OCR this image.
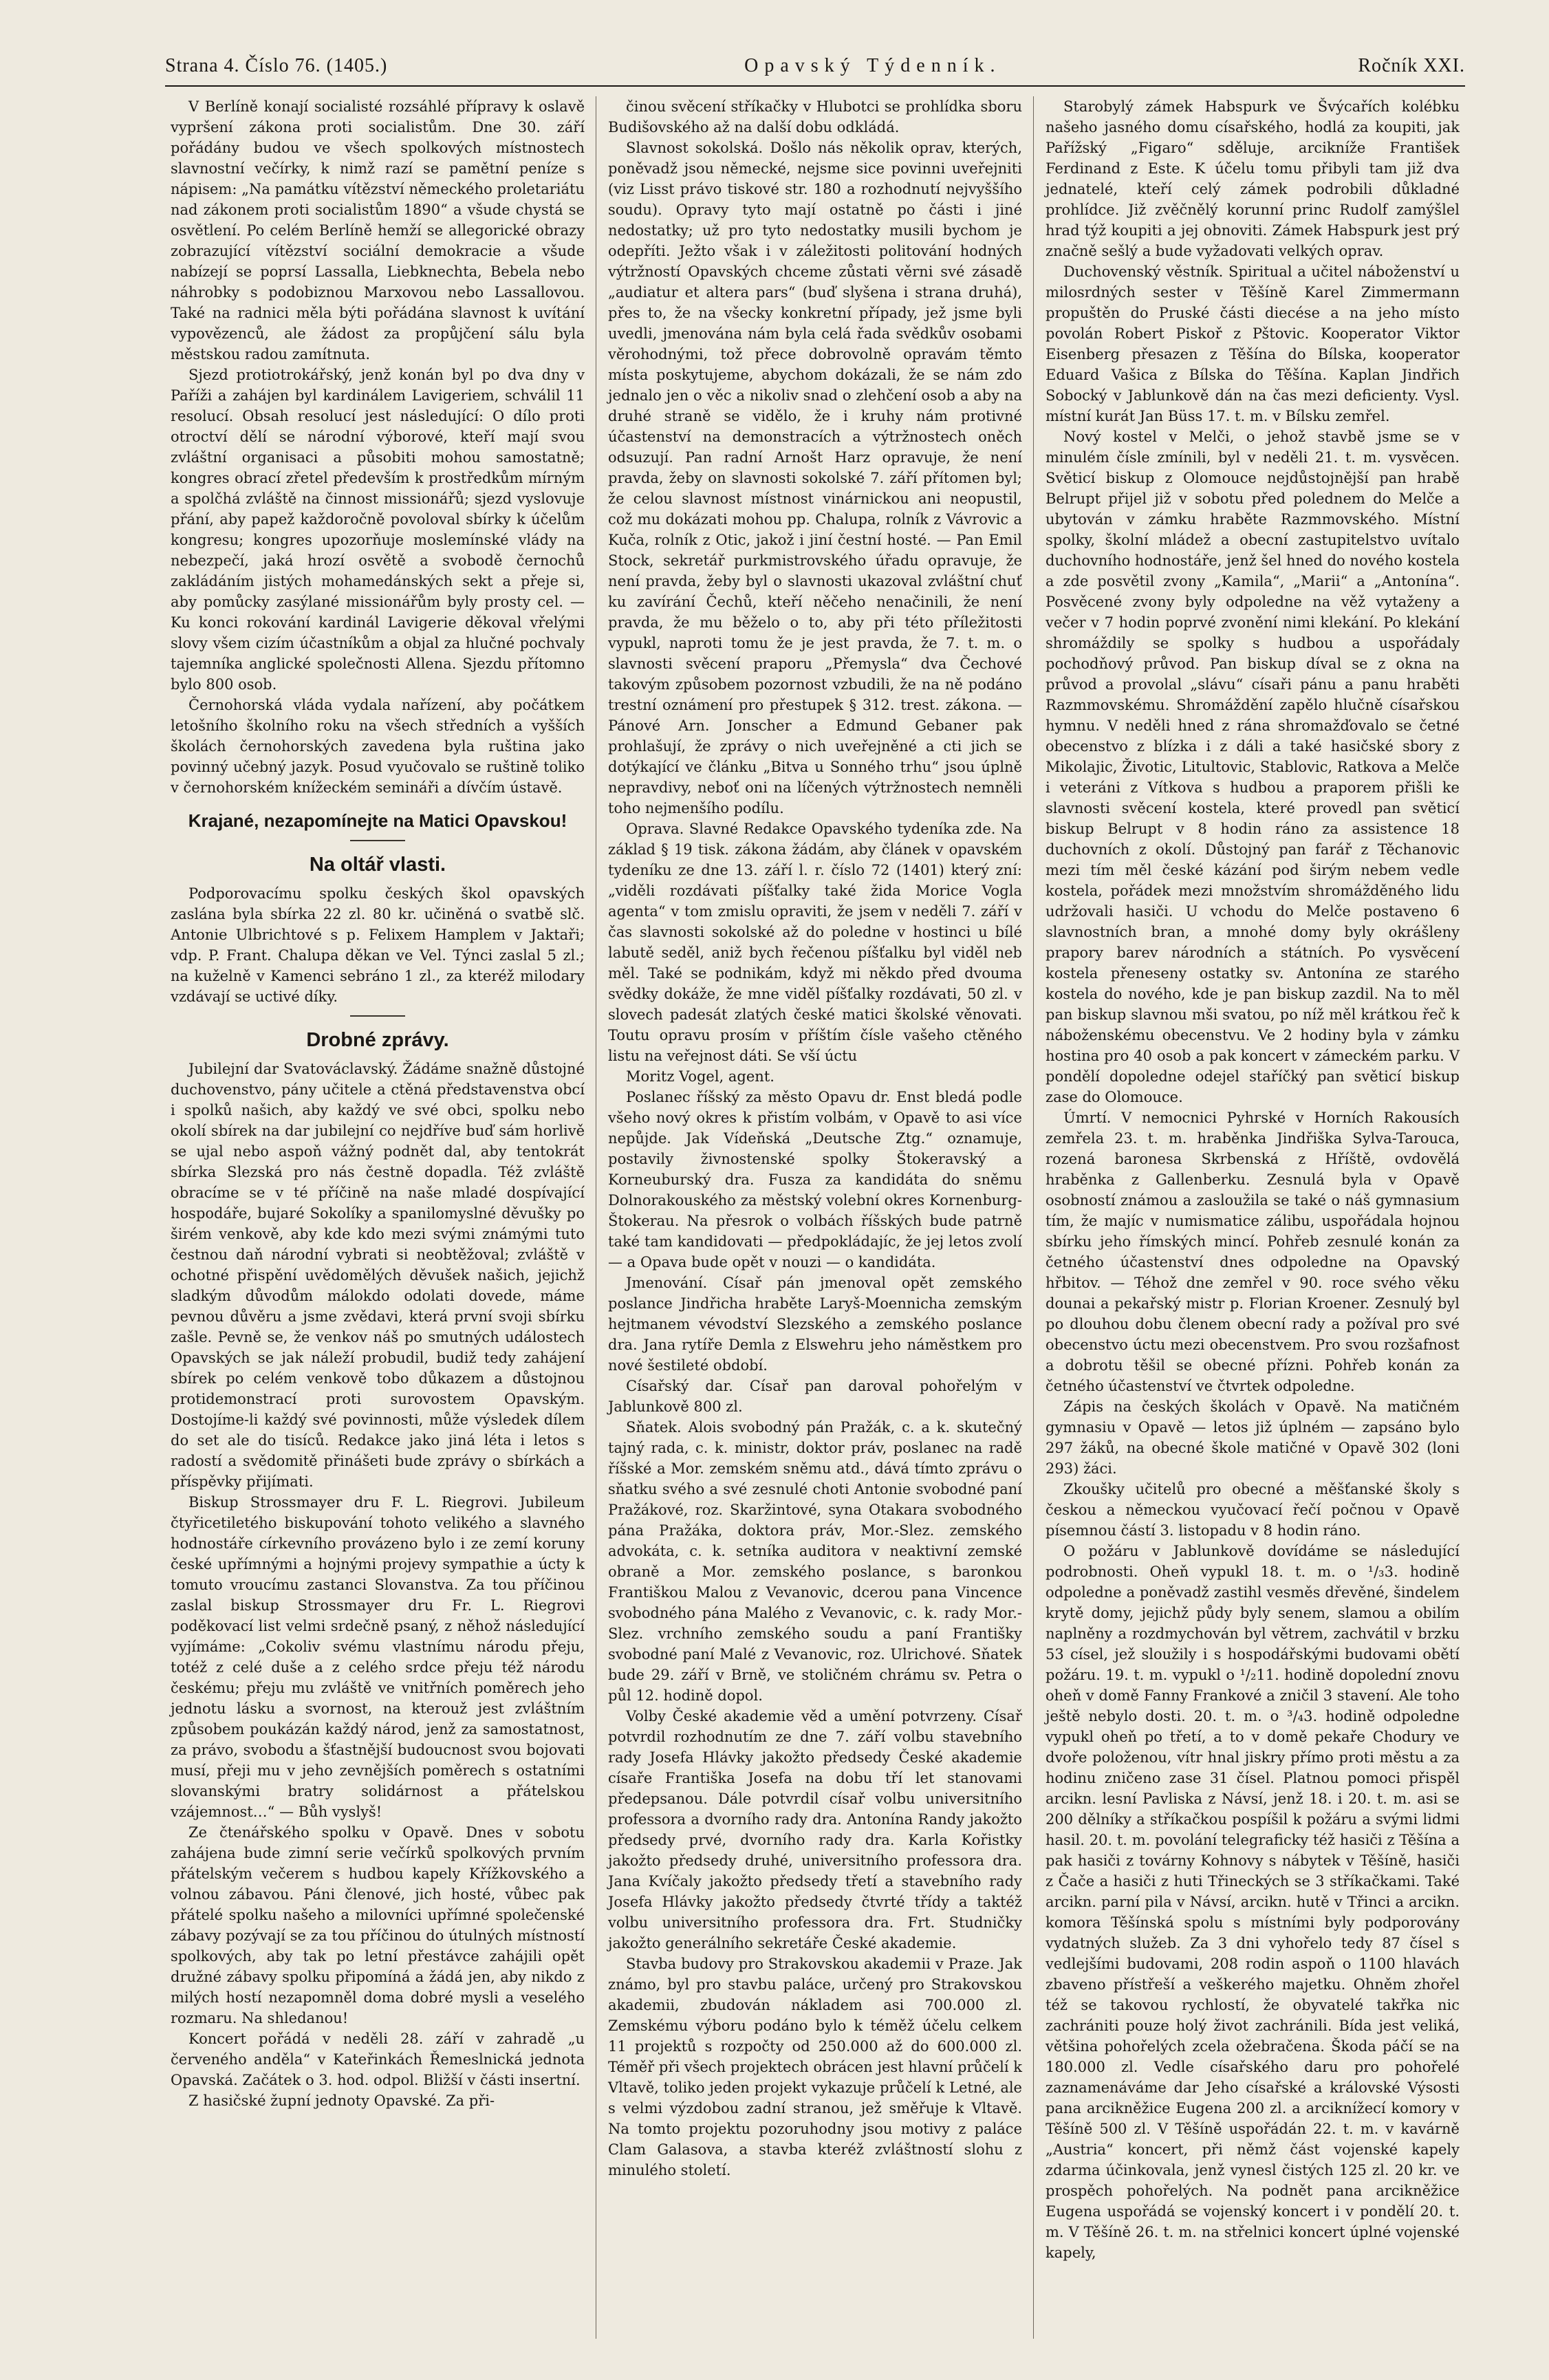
Strana 4. Číslo 76. (1405.)	Opavský Týdenník.	Ročník XXI.

V Berlíně konají socialisté rozsáhlé přípravy k oslavě vypršení zákona proti socialistům. Dne 30. září pořádány budou ve všech spolkových místnostech slavnostní večírky, k nimž razí se pamětní peníze s nápisem: „Na památku vítězství německého proletariátu nad zákonem proti socialistům 1890“ a všude chystá se osvětlení. Po celém Berlíně hemží se allegorické obrazy zobrazující vítězství sociální demokracie a všude nabízejí se poprsí Lassalla, Liebknechta, Bebela nebo náhrobky s podobiznou Marxovou nebo Lassallovou. Také na radnici měla býti pořádána slavnost k uvítání vypovězenců, ale žádost za propůjčení sálu byla městskou radou zamítnuta.

Sjezd protiotrokářský, jenž konán byl po dva dny v Paříži a zahájen byl kardinálem Lavigeriem, schválil 11 resolucí. Obsah resolucí jest následující: O dílo proti otroctví dělí se národní výborové, kteří mají svou zvláštní organisaci a působiti mohou samostatně; kongres obrací zřetel především k prostředkům mírným a spolčhá zvláště na činnost missionářů; sjezd vyslovuje přání, aby papež každoročně povoloval sbírky k účelům kongresu; kongres upozorňuje moslemínské vlády na nebezpečí, jaká hrozí osvětě a svobodě černochů zakládáním jistých mohamedánských sekt a přeje si, aby pomůcky zasýlané missionářům byly prosty cel. — Ku konci rokování kardinál Lavigerie děkoval vřelými slovy všem cizím účastníkům a objal za hlučné pochvaly tajemníka anglické společnosti Allena. Sjezdu přítomno bylo 800 osob.

Černohorská vláda vydala nařízení, aby počátkem letošního školního roku na všech středních a vyšších školách černohorských zavedena byla ruština jako povinný učebný jazyk. Posud vyučovalo se ruštině toliko v černohorském knížeckém semináři a dívčím ústavě.

Krajané, nezapomínejte na Matici Opavskou!
Na oltář vlasti.

Podporovacímu spolku českých škol opavských zaslána byla sbírka 22 zl. 80 kr. učiněná o svatbě slč. Antonie Ulbrichtové s p. Felixem Hamplem v Jaktaři; vdp. P. Frant. Chalupa děkan ve Vel. Týnci zaslal 5 zl.; na kuželně v Kamenci sebráno 1 zl., za kteréž milodary vzdávají se uctivé díky.

Drobné zprávy.

Jubilejní dar Svatováclavský. Žádáme snažně důstojné duchovenstvo, pány učitele a ctěná představenstva obcí i spolků našich, aby každý ve své obci, spolku nebo okolí sbírek na dar jubilejní co nejdříve buď sám horlivě se ujal nebo aspoň vážný podnět dal, aby tentokrát sbírka Slezská pro nás čestně dopadla. Též zvláště obracíme se v té příčině na naše mladé dospívající hospodáře, bujaré Sokolíky a spanilomyslné děvušky po širém venkově, aby kde kdo mezi svými známými tuto čestnou daň národní vybrati si neobtěžoval; zvláště v ochotné přispění uvědomělých děvušek našich, jejichž sladkým důvodům málokdo odolati dovede, máme pevnou důvěru a jsme zvědavi, která první svoji sbírku zašle. Pevně se, že venkov náš po smutných událostech Opavských se jak náleží probudil, budiž tedy zahájení sbírek po celém venkově tobo důkazem a důstojnou protidemonstrací proti surovostem Opavským. Dostojíme-li každý své povinnosti, může výsledek dílem do set ale do tisíců. Redakce jako jiná léta i letos s radostí a svědomitě přinášeti bude zprávy o sbírkách a příspěvky přijímati.

Biskup Strossmayer dru F. L. Riegrovi. Jubileum čtyřicetiletého biskupování tohoto velikého a slavného hodnostáře církevního provázeno bylo i ze zemí koruny české upřímnými a hojnými projevy sympathie a úcty k tomuto vroucímu zastanci Slovanstva. Za tou příčinou zaslal biskup Strossmayer dru Fr. L. Riegrovi poděkovací list velmi srdečně psaný, z něhož následující vyjímáme: „Cokoliv svému vlastnímu národu přeju, totéž z celé duše a z celého srdce přeju též národu českému; přeju mu zvláště ve vnitřních poměrech jeho jednotu lásku a svornost, na kterouž jest zvláštním způsobem poukázán každý národ, jenž za samostatnost, za právo, svobodu a šťastnější budoucnost svou bojovati musí, přeji mu v jeho zevnějších poměrech s ostatními slovanskými bratry solidárnost a přátelskou vzájemnost…“ — Bůh vyslyš!

Ze čtenářského spolku v Opavě. Dnes v sobotu zahájena bude zimní serie večírků spolkových prvním přátelským večerem s hudbou kapely Křížkovského a volnou zábavou. Páni členové, jich hosté, vůbec pak přátelé spolku našeho a milovníci upřímné společenské zábavy pozývají se za tou příčinou do útulných místností spolkových, aby tak po letní přestávce zahájili opět družné zábavy spolku připomíná a žádá jen, aby nikdo z milých hostí nezapomněl doma dobré mysli a veselého rozmaru. Na shledanou!

Koncert pořádá v neděli 28. září v zahradě „u červeného anděla“ v Kateřinkách Řemeslnická jednota Opavská. Začátek o 3. hod. odpol. Bližší v části insertní.

Z hasičské župní jednoty Opavské. Za při-

činou svěcení stříkačky v Hlubotci se prohlídka sboru Budišovského až na další dobu odkládá.

Slavnost sokolská. Došlo nás několik oprav, kterých, poněvadž jsou německé, nejsme sice povinni uveřejniti (viz Lisst právo tiskové str. 180 a rozhodnutí nejvyššího soudu). Opravy tyto mají ostatně po části i jiné nedostatky; už pro tyto nedostatky musili bychom je odepříti. Ježto však i v záležitosti politování hodných výtržností Opavských chceme zůstati věrni své zásadě „audiatur et altera pars“ (buď slyšena i strana druhá), přes to, že na všecky konkretní případy, jež jsme byli uvedli, jmenována nám byla celá řada svědkův osobami věrohodnými, tož přece dobrovolně opravám těmto místa poskytujeme, abychom dokázali, že se nám zdo jednalo jen o věc a nikoliv snad o zlehčení osob a aby na druhé straně se vidělo, že i kruhy nám protivné účastenství na demonstracích a výtržnostech oněch odsuzují. Pan radní Arnošt Harz opravuje, že není pravda, žeby on slavnosti sokolské 7. září přítomen byl; že celou slavnost místnost vinárnickou ani neopustil, což mu dokázati mohou pp. Chalupa, rolník z Vávrovic a Kuča, rolník z Otic, jakož i jiní čestní hosté. — Pan Emil Stock, sekretář purkmistrovského úřadu opravuje, že není pravda, žeby byl o slavnosti ukazoval zvláštní chuť ku zavírání Čechů, kteří něčeho nenačinili, že není pravda, že mu běželo o to, aby při této příležitosti vypukl, naproti tomu že je jest pravda, že 7. t. m. o slavnosti svěcení praporu „Přemysla“ dva Čechové takovým způsobem pozornost vzbudili, že na ně podáno trestní oznámení pro přestupek § 312. trest. zákona. — Pánové Arn. Jonscher a Edmund Gebaner pak prohlašují, že zprávy o nich uveřejněné a cti jich se dotýkající ve článku „Bitva u Sonného trhu“ jsou úplně nepravdivy, neboť oni na líčených výtržnostech nemněli toho nejmenšího podílu.

Oprava. Slavné Redakce Opavského tydeníka zde. Na základ § 19 tisk. zákona žádám, aby článek v opavském tydeníku ze dne 13. září l. r. číslo 72 (1401) který zní: „viděli rozdávati píšťalky také žida Morice Vogla agenta“ v tom zmislu opraviti, že jsem v neděli 7. září v čas slavnosti sokolské až do poledne v hostinci u bílé labutě seděl, aniž bych řečenou píšťalku byl viděl neb měl. Také se podnikám, když mi někdo před dvouma svědky dokáže, že mne viděl píšťalky rozdávati, 50 zl. v slovech padesát zlatých české matici školské věnovati. Toutu opravu prosím v příštím čísle vašeho ctěného listu na veřejnost dáti. Se vší úctu

Moritz Vogel, agent.

Poslanec říšský za město Opavu dr. Enst bledá podle všeho nový okres k přistím volbám, v Opavě to asi více nepůjde. Jak Vídeňská „Deutsche Ztg.“ oznamuje, postavily živnostenské spolky Štokeravský a Korneuburský dra. Fusza za kandidáta do sněmu Dolnorakouského za městský volební okres Kornenburg-Štokerau. Na přesrok o volbách říšských bude patrně také tam kandidovati — předpokládajíc, že jej letos zvolí — a Opava bude opět v nouzi — o kandidáta.

Jmenování. Císař pán jmenoval opět zemského poslance Jindřicha hraběte Laryš-Moennicha zemským hejtmanem vévodství Slezského a zemského poslance dra. Jana rytíře Demla z Elswehru jeho náměstkem pro nové šestileté období.

Císařský dar. Císař pan daroval pohořelým v Jablunkově 800 zl.

Sňatek. Alois svobodný pán Pražák, c. a k. skutečný tajný rada, c. k. ministr, doktor práv, poslanec na radě říšské a Mor. zemském sněmu atd., dává tímto zprávu o sňatku svého a své zesnulé choti Antonie svobodné paní Pražákové, roz. Skaržintové, syna Otakara svobodného pána Pražáka, doktora práv, Mor.-Slez. zemského advokáta, c. k. setníka auditora v neaktivní zemské obraně a Mor. zemského poslance, s baronkou Františkou Malou z Vevanovic, dcerou pana Vincence svobodného pána Malého z Vevanovic, c. k. rady Mor.-Slez. vrchního zemského soudu a paní Františky svobodné paní Malé z Vevanovic, roz. Ulrichové. Sňatek bude 29. září v Brně, ve stoličném chrámu sv. Petra o půl 12. hodině dopol.

Volby České akademie věd a umění potvrzeny. Císař potvrdil rozhodnutím ze dne 7. září volbu stavebního rady Josefa Hlávky jakožto předsedy České akademie císaře Františka Josefa na dobu tří let stanovami předepsanou. Dále potvrdil císař volbu universitního professora a dvorního rady dra. Antonína Randy jakožto předsedy prvé, dvorního rady dra. Karla Kořistky jakožto předsedy druhé, universitního professora dra. Jana Kvíčaly jakožto předsedy třetí a stavebního rady Josefa Hlávky jakožto předsedy čtvrté třídy a taktéž volbu universitního professora dra. Frt. Studničky jakožto generálního sekretáře České akademie.

Stavba budovy pro Strakovskou akademii v Praze. Jak známo, byl pro stavbu paláce, určený pro Strakovskou akademii, zbudován nákladem asi 700.000 zl. Zemskému výboru podáno bylo k téměž účelu celkem 11 projektů s rozpočty od 250.000 až do 600.000 zl. Téměř při všech projektech obrácen jest hlavní průčelí k Vltavě, toliko jeden projekt vykazuje průčelí k Letné, ale s velmi výzdobou zadní stranou, jež směřuje k Vltavě. Na tomto projektu pozoruhodny jsou motivy z paláce Clam Galasova, a stavba kteréž zvláštností slohu z minulého století.

Starobylý zámek Habspurk ve Švýcařích kolébku našeho jasného domu císařského, hodlá za koupiti, jak Pařížský „Figaro“ sděluje, arcikníže František Ferdinand z Este. K účelu tomu přibyli tam již dva jednatelé, kteří celý zámek podrobili důkladné prohlídce. Již zvěčnělý korunní princ Rudolf zamýšlel hrad týž koupiti a jej obnoviti. Zámek Habspurk jest prý značně sešlý a bude vyžadovati velkých oprav.

Duchovenský věstník. Spiritual a učitel náboženství u milosrdných sester v Těšíně Karel Zimmermann propuštěn do Pruské části diecése a na jeho místo povolán Robert Piskoř z Pštovic. Kooperator Viktor Eisenberg přesazen z Těšína do Bílska, kooperator Eduard Vašica z Bílska do Těšína. Kaplan Jindřich Sobocký v Jablunkově dán na čas mezi deficienty. Vysl. místní kurát Jan Büss 17. t. m. v Bílsku zemřel.

Nový kostel v Melči, o jehož stavbě jsme se v minulém čísle zmínili, byl v neděli 21. t. m. vysvěcen. Světicí biskup z Olomouce nejdůstojnější pan hrabě Belrupt přijel již v sobotu před polednem do Melče a ubytován v zámku hraběte Razmmovského. Místní spolky, školní mládež a obecní zastupitelstvo uvítalo duchovního hodnostáře, jenž šel hned do nového kostela a zde posvětil zvony „Kamila“, „Marii“ a „Antonína“. Posvěcené zvony byly odpoledne na věž vytaženy a večer v 7 hodin poprvé zvonění nimi klekání. Po klekání shromáždily se spolky s hudbou a uspořádaly pochodňový průvod. Pan biskup díval se z okna na průvod a provolal „slávu“ císaři pánu a panu hraběti Razmmovskému. Shromáždění zapělo hlučně císařskou hymnu. V neděli hned z rána shromažďovalo se četné obecenstvo z blízka i z dáli a také hasičské sbory z Mikolajic, Životic, Litultovic, Stablovic, Ratkova a Melče i veteráni z Vítkova s hudbou a praporem přišli ke slavnosti svěcení kostela, které provedl pan světicí biskup Belrupt v 8 hodin ráno za assistence 18 duchovních z okolí. Důstojný pan farář z Těchanovic mezi tím měl české kázání pod širým nebem vedle kostela, pořádek mezi množstvím shromážděného lidu udržovali hasiči. U vchodu do Melče postaveno 6 slavnostních bran, a mnohé domy byly okrášleny prapory barev národních a státních. Po vysvěcení kostela přeneseny ostatky sv. Antonína ze starého kostela do nového, kde je pan biskup zazdil. Na to měl pan biskup slavnou mši svatou, po níž měl krátkou řeč k náboženskému obecenstvu. Ve 2 hodiny byla v zámku hostina pro 40 osob a pak koncert v zámeckém parku. V pondělí dopoledne odejel staříčký pan světicí biskup zase do Olomouce.

Úmrtí. V nemocnici Pyhrské v Horních Rakousích zemřela 23. t. m. hraběnka Jindřiška Sylva-Tarouca, rozená baronesa Skrbenská z Hříště, ovdovělá hraběnka z Gallenberku. Zesnulá byla v Opavě osobností známou a zasloužila se také o náš gymnasium tím, že majíc v numismatice zálibu, uspořádala hojnou sbírku jeho římských mincí. Pohřeb zesnulé konán za četného účastenství dnes odpoledne na Opavský hřbitov. — Téhož dne zemřel v 90. roce svého věku dounai a pekařský mistr p. Florian Kroener. Zesnulý byl po dlouhou dobu členem obecní rady a požíval pro své obecenstvo úctu mezi obecenstvem. Pro svou rozšafnost a dobrotu těšil se obecné přízni. Pohřeb konán za četného účastenství ve čtvrtek odpoledne.

Zápis na českých školách v Opavě. Na matičném gymnasiu v Opavě — letos již úplném — zapsáno bylo 297 žáků, na obecné škole matičné v Opavě 302 (loni 293) žáci.

Zkoušky učitelů pro obecné a měšťanské školy s českou a německou vyučovací řečí počnou v Opavě písemnou částí 3. listopadu v 8 hodin ráno.

O požáru v Jablunkově dovídáme se následující podrobnosti. Oheň vypukl 18. t. m. o ¹/₃3. hodině odpoledne a poněvadž zastihl vesměs dřevěné, šindelem krytě domy, jejichž půdy byly senem, slamou a obilím naplněny a rozdmychován byl větrem, zachvátil v brzku 53 císel, jež sloužily i s hospodářskými budovami obětí požáru. 19. t. m. vypukl o ¹/₂11. hodině dopolední znovu oheň v domě Fanny Frankové a zničil 3 stavení. Ale toho ještě nebylo dosti. 20. t. m. o ³/₄3. hodině odpoledne vypukl oheň po třetí, a to v domě pekaře Chodury ve dvoře položenou, vítr hnal jiskry přímo proti městu a za hodinu zničeno zase 31 čísel. Platnou pomoci přispěl arcikn. lesní Pavliska z Návsí, jenž 18. i 20. t. m. asi se 200 dělníky a stříkačkou pospíšil k požáru a svými lidmi hasil. 20. t. m. povolání telegraficky též hasiči z Těšína a pak hasiči z továrny Kohnovy s nábytek v Těšíně, hasiči z Čače a hasiči z huti Třineckých se 3 stříkačkami. Také arcikn. parní pila v Návsí, arcikn. hutě v Třinci a arcikn. komora Těšínská spolu s místními byly podporovány vydatných služeb. Za 3 dni vyhořelo tedy 87 čísel s vedlejšími budovami, 208 rodin aspoň o 1100 hlavách zbaveno přístřeší a veškerého majetku. Ohněm zhořel též se takovou rychlostí, že obyvatelé takřka nic zachrániti pouze holý život zachránili. Bída jest veliká, většina pohořelých zcela ožebračena. Škoda páčí se na 180.000 zl. Vedle císařského daru pro pohořelé zaznamenáváme dar Jeho císařské a královské Výsosti pana arcikněžice Eugena 200 zl. a arciknížecí komory v Těšíně 500 zl. V Těšíně uspořádán 22. t. m. v kavárně „Austria“ koncert, při němž část vojenské kapely zdarma účinkovala, jenž vynesl čistých 125 zl. 20 kr. ve prospěch pohořelých. Na podnět pana arcikněžice Eugena uspořádá se vojenský koncert i v pondělí 20. t. m. V Těšíně 26. t. m. na střelnici koncert úplné vojenské kapely,
